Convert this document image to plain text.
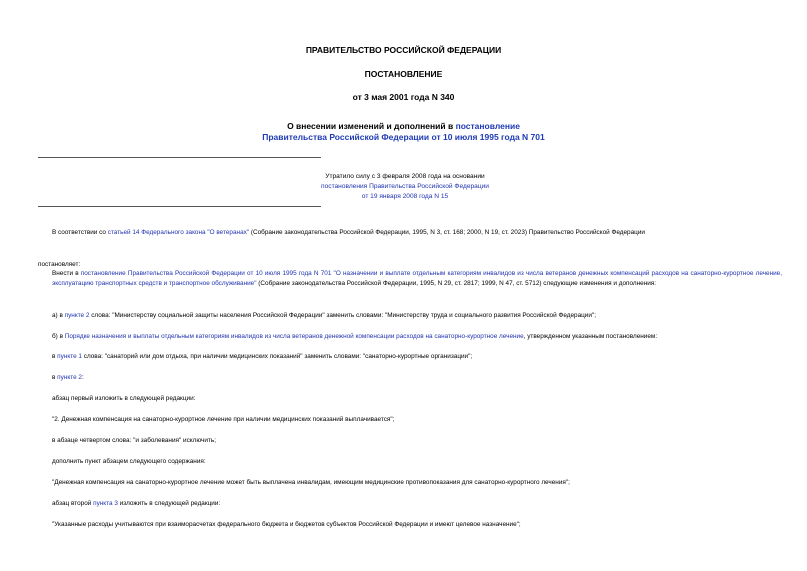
ПРАВИТЕЛЬСТВО РОССИЙСКОЙ ФЕДЕРАЦИИ
ПОСТАНОВЛЕНИЕ
от 3 мая 2001 года N 340
О внесении изменений и дополнений в постановление
Правительства Российской Федерации от 10 июля 1995 года N 701
Утратило силу с 3 февраля 2008 года на основании
постановления Правительства Российской Федерации
от 19 января 2008 года N 15
В соответствии со статьей 14 Федерального закона "О ветеранах" (Собрание законодательства Российской Федерации, 1995, N 3, ст. 168; 2000, N 19, ст. 2023) Правительство Российской Федерации
постановляет:
Внести в постановление Правительства Российской Федерации от 10 июля 1995 года N 701 "О назначении и выплате отдельным категориям инвалидов из числа ветеранов денежных компенсаций расходов на санаторно-курортное лечение, эксплуатацию транспортных средств и транспортное обслуживание" (Собрание законодательства Российской Федерации, 1995, N 29, ст. 2817; 1999, N 47, ст. 5712) следующие изменения и дополнения:
а) в пункте 2 слова: "Министерству социальной защиты населения Российской Федерации" заменить словами: "Министерству труда и социального развития Российской Федерации";
б) в Порядке назначения и выплаты отдельным категориям инвалидов из числа ветеранов денежной компенсации расходов на санаторно-курортное лечение, утвержденном указанным постановлением:
в пункте 1 слова: "санаторий или дом отдыха, при наличии медицинских показаний" заменить словами: "санаторно-курортные организации";
в пункте 2:
абзац первый изложить в следующей редакции:
"2. Денежная компенсация на санаторно-курортное лечение при наличии медицинских показаний выплачивается";
в абзаце четвертом слова: "и заболевания" исключить;
дополнить пункт абзацем следующего содержания:
"Денежная компенсация на санаторно-курортное лечение может быть выплачена инвалидам, имеющим медицинские противопоказания для санаторно-курортного лечения";
абзац второй пункта 3 изложить в следующей редакции:
"Указанные расходы учитываются при взаиморасчетах федерального бюджета и бюджетов субъектов Российской Федерации и имеют целевое назначение";
